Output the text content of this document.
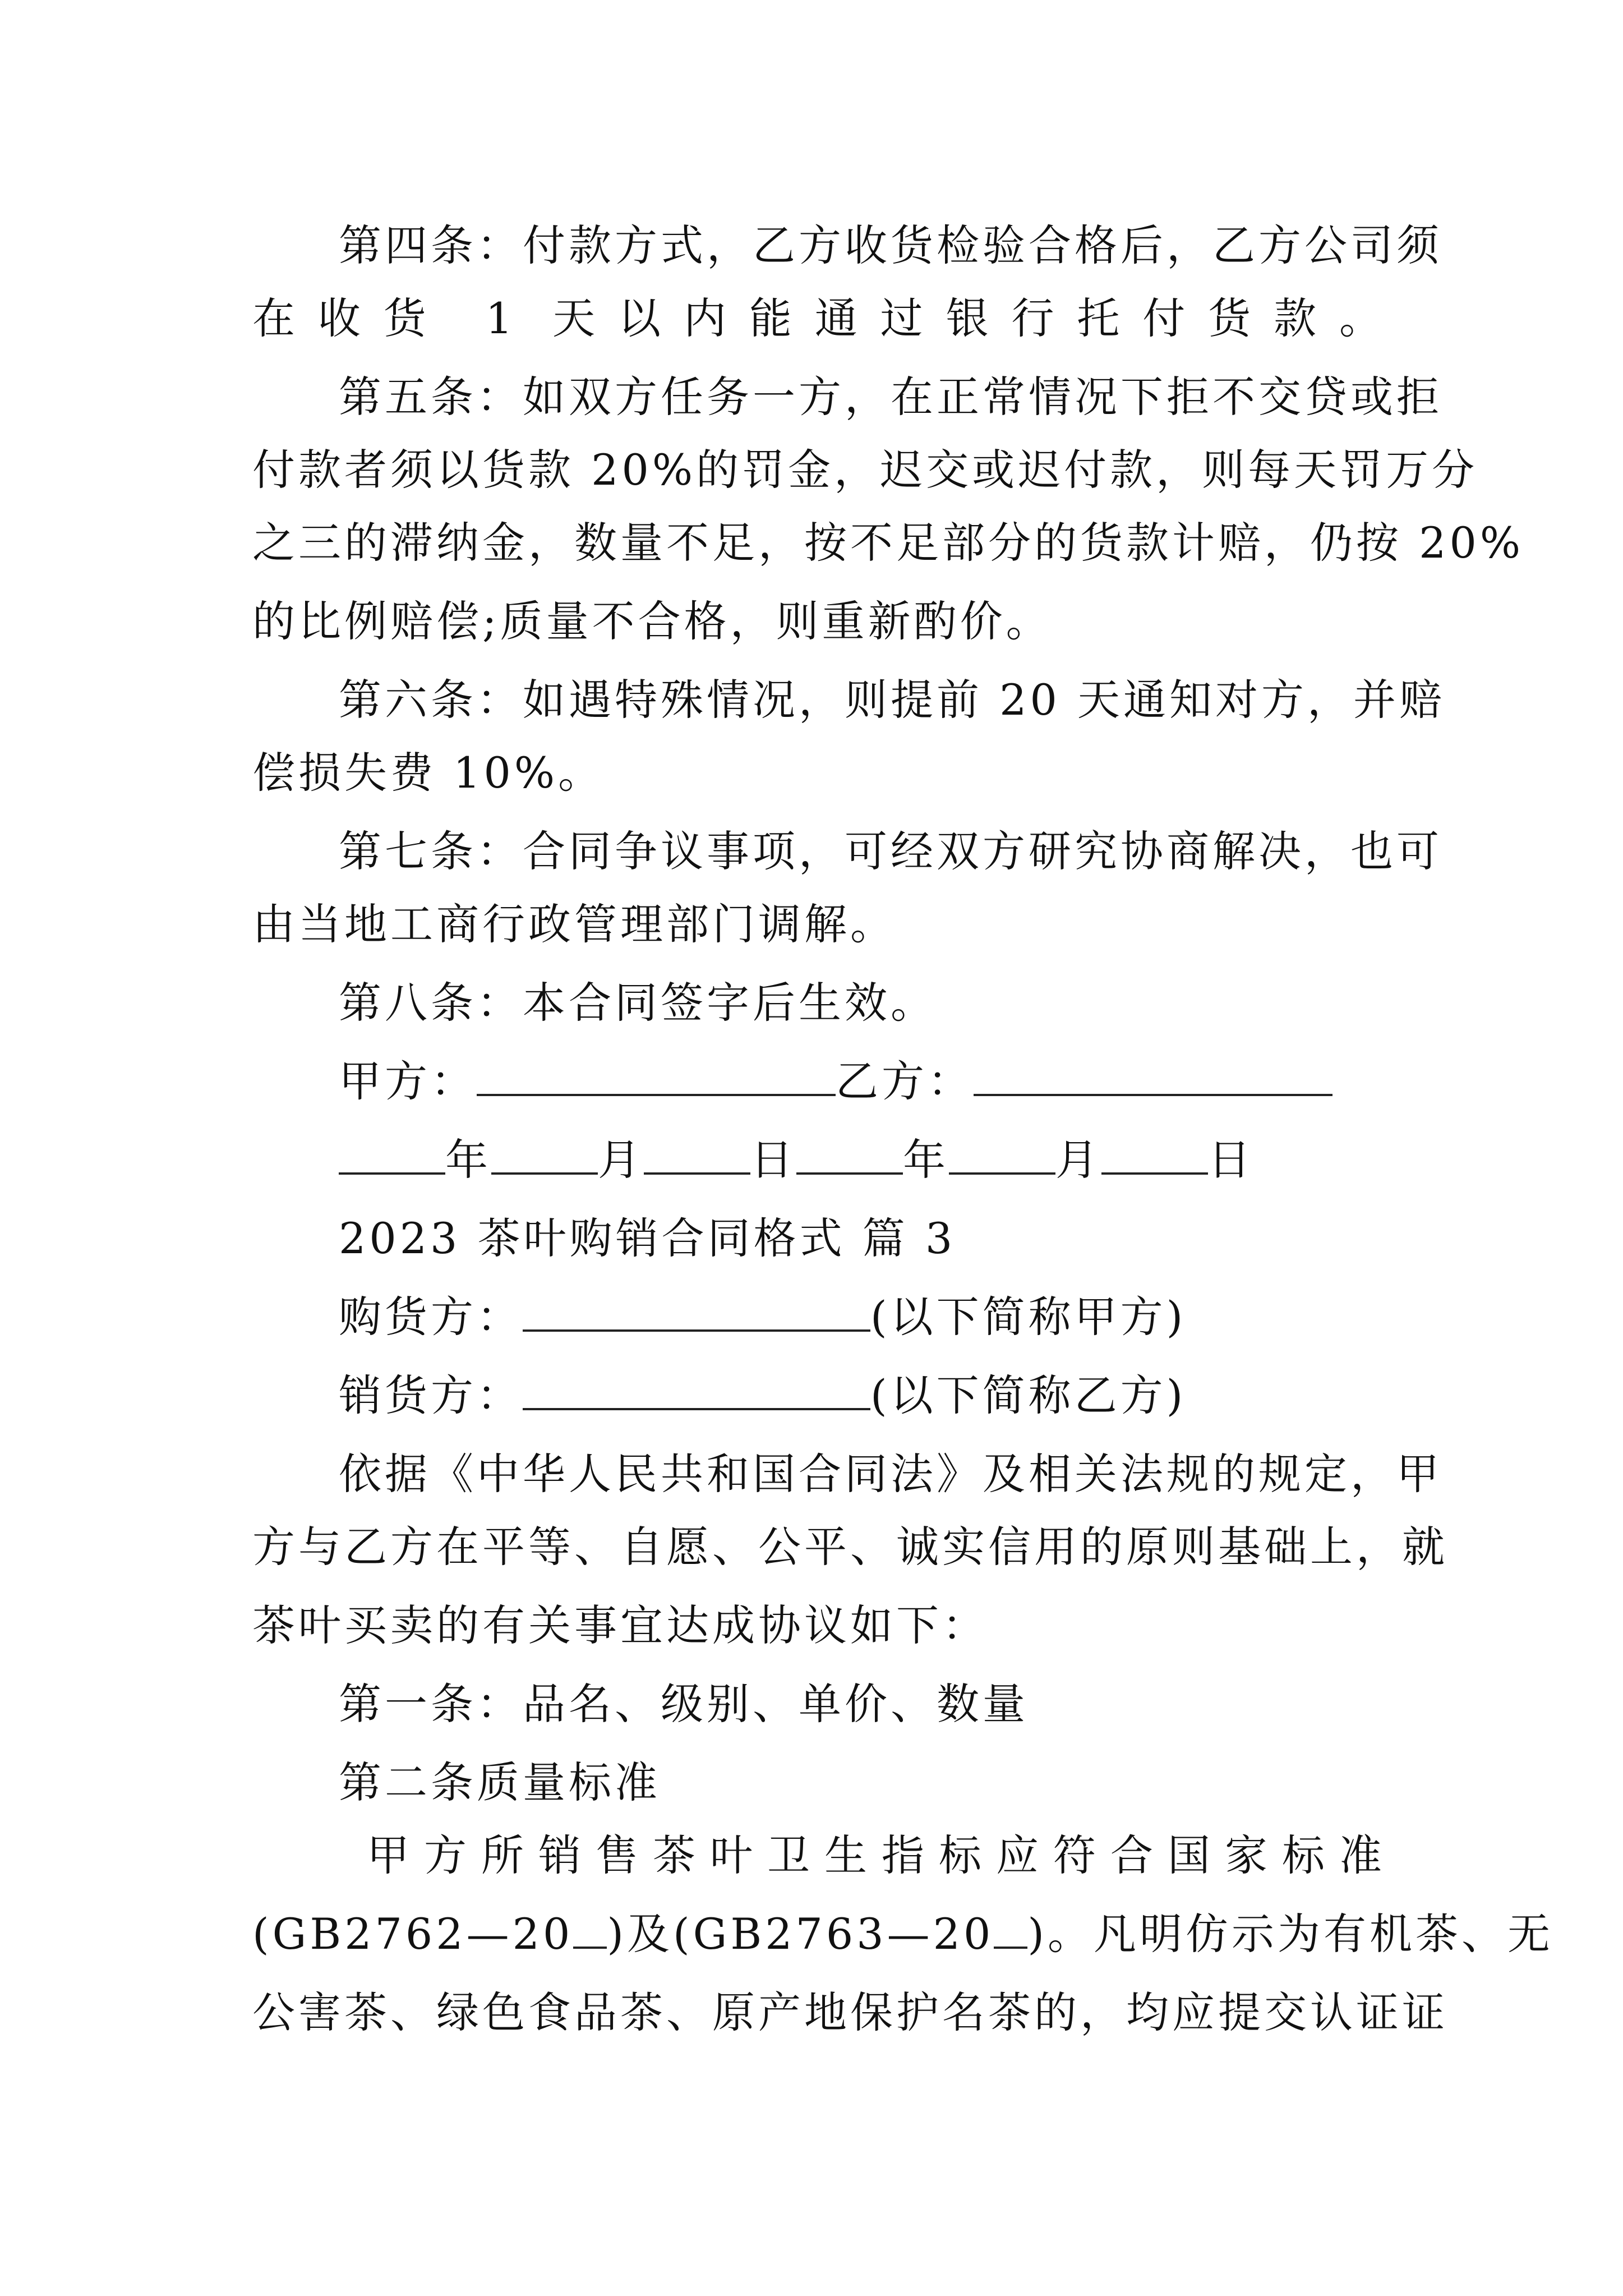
第四条：付款方式，乙方收货检验合格后，乙方公司须
在收货 1 天以内能通过银行托付货款。
第五条：如双方任务一方，在正常情况下拒不交贷或拒
付款者须以货款 20%的罚金，迟交或迟付款，则每天罚万分
之三的滞纳金，数量不足，按不足部分的货款计赔，仍按 20%
的比例赔偿;质量不合格，则重新酌价。
第六条：如遇特殊情况，则提前 20 天通知对方，并赔
偿损失费 10%。
第七条：合同争议事项，可经双方研究协商解决，也可
由当地工商行政管理部门调解。
第八条：本合同签字后生效。
甲方：	乙方：
年	月	日	年	月	日
2023 茶叶购销合同格式 篇 3
购货方：	(以下简称甲方)
销货方：	(以下简称乙方)
依据《中华人民共和国合同法》及相关法规的规定，甲
方与乙方在平等、自愿、公平、诚实信用的原则基础上，就
茶叶买卖的有关事宜达成协议如下：
第一条：品名、级别、单价、数量
第二条质量标准
甲方所销售茶叶卫生指标应符合国家标准
(GB2762—20 )及(GB2763—20 )。凡明仿示为有机茶、无
公害茶、绿色食品茶、原产地保护名茶的，均应提交认证证
